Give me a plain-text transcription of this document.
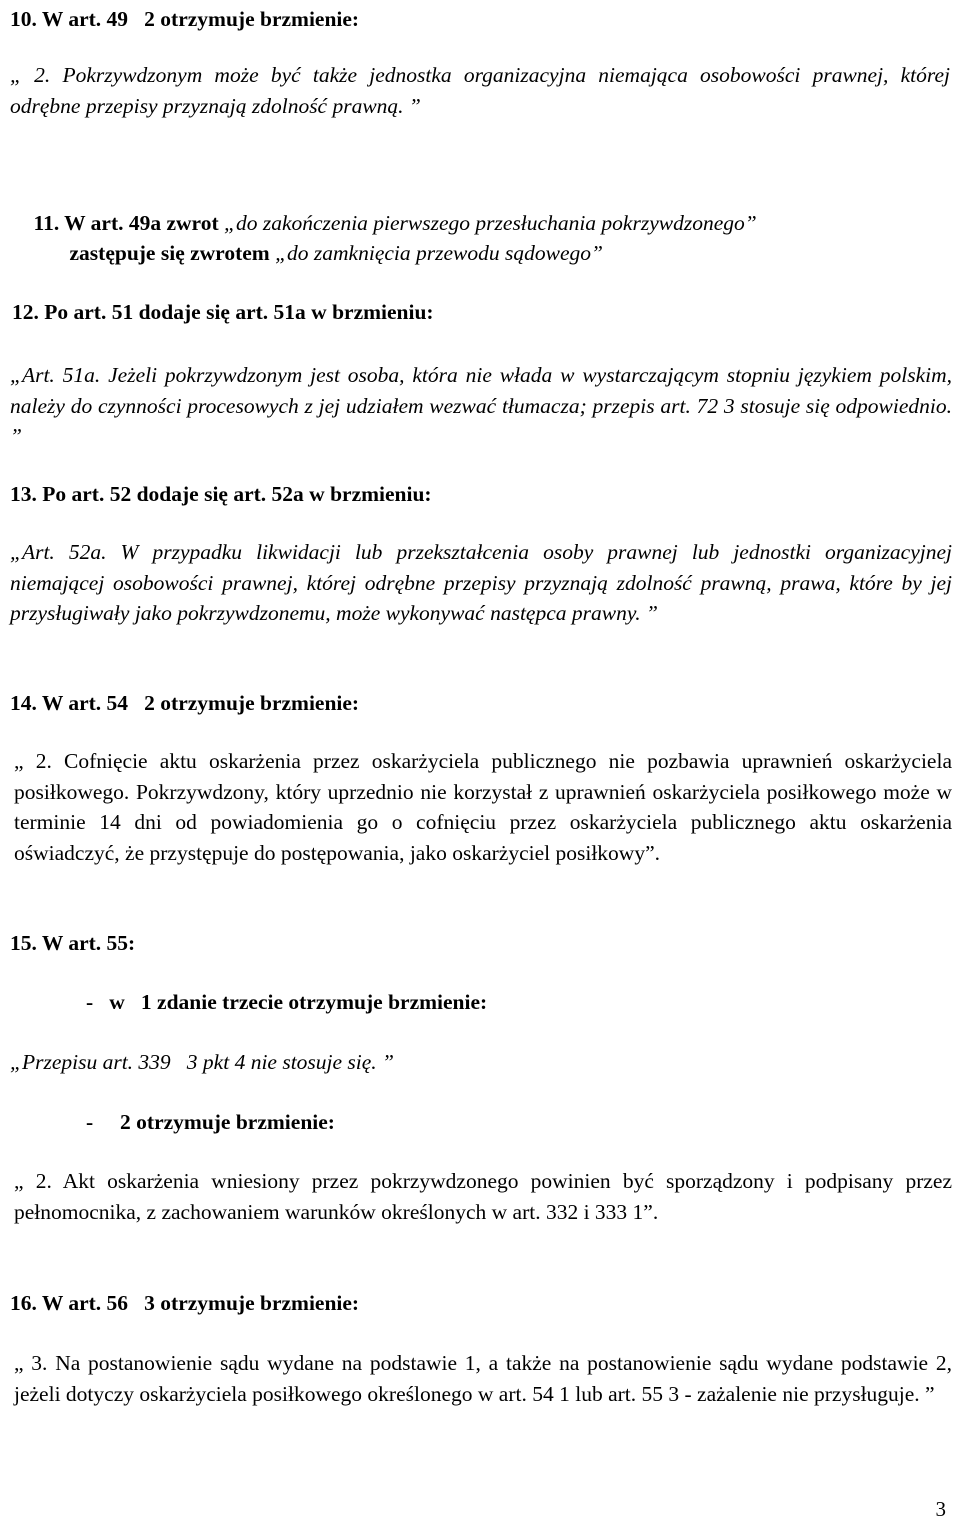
10. W art. 49   2 otrzymuje brzmienie:
„ 2. Pokrzywdzonym może być także jednostka organizacyjna niemająca osobowości prawnej, której odrębne przepisy przyznają zdolność prawną. ”

11. W art. 49a zwrot „do zakończenia pierwszego przesłuchania pokrzywdzonego”

zastępuje się zwrotem „do zamknięcia przewodu sądowego”

12. Po art. 51 dodaje się art. 51a w brzmieniu:
„Art. 51a. Jeżeli pokrzywdzonym jest osoba, która nie włada w wystarczającym stopniu językiem polskim, należy do czynności procesowych z jej udziałem wezwać tłumacza; przepis art. 72 3 stosuje się odpowiednio. ”
13. Po art. 52 dodaje się art. 52a w brzmieniu:
„Art. 52a. W przypadku likwidacji lub przekształcenia osoby prawnej lub jednostki organizacyjnej niemającej osobowości prawnej, której odrębne przepisy przyznają zdolność prawną, prawa, które by jej przysługiwały jako pokrzywdzonemu, może wykonywać następca prawny. ”
14. W art. 54   2 otrzymuje brzmienie:
„ 2. Cofnięcie aktu oskarżenia przez oskarżyciela publicznego nie pozbawia uprawnień oskarżyciela posiłkowego. Pokrzywdzony, który uprzednio nie korzystał z uprawnień oskarżyciela posiłkowego może w terminie 14 dni od powiadomienia go o cofnięciu przez oskarżyciela publicznego aktu oskarżenia oświadczyć, że przystępuje do postępowania, jako oskarżyciel posiłkowy”.
15. W art. 55:
-   w   1 zdanie trzecie otrzymuje brzmienie:
„Przepisu art. 339   3 pkt 4 nie stosuje się. ”
-     2 otrzymuje brzmienie:
„ 2. Akt oskarżenia wniesiony przez pokrzywdzonego powinien być sporządzony i podpisany przez pełnomocnika, z zachowaniem warunków określonych w art. 332 i 333 1”.
16. W art. 56   3 otrzymuje brzmienie:
„ 3. Na postanowienie sądu wydane na podstawie 1, a także na postanowienie sądu wydane podstawie 2, jeżeli dotyczy oskarżyciela posiłkowego określonego w art. 54 1 lub art. 55 3 - zażalenie nie przysługuje. ”
3
